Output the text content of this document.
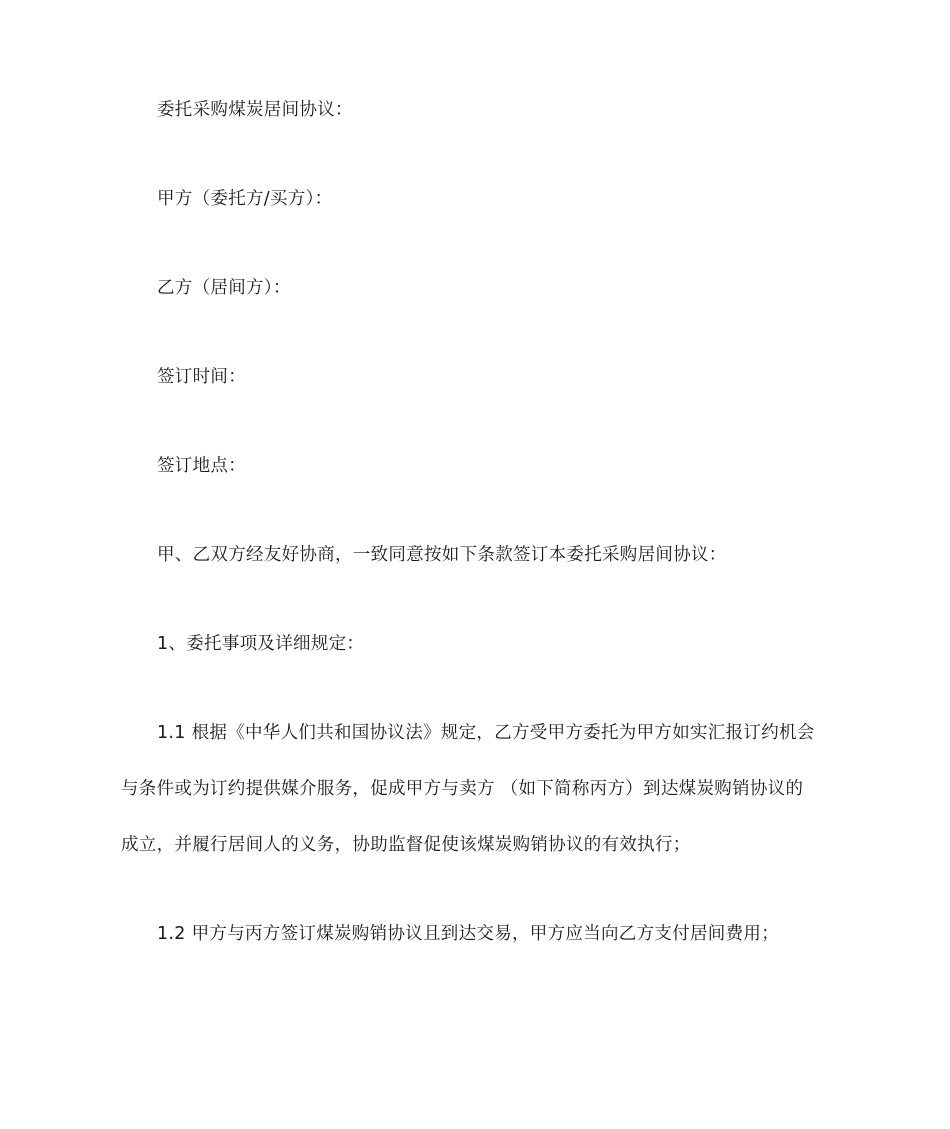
委托采购煤炭居间协议：
甲方（委托方/买方）：
乙方（居间方）：
签订时间：
签订地点：
甲、乙双方经友好协商，一致同意按如下条款签订本委托采购居间协议：
1、委托事项及详细规定：
1.1 根据《中华人们共和国协议法》规定，乙方受甲方委托为甲方如实汇报订约机会
与条件或为订约提供媒介服务，促成甲方与卖方 （如下简称丙方）到达煤炭购销协议的
成立，并履行居间人的义务，协助监督促使该煤炭购销协议的有效执行；
1.2 甲方与丙方签订煤炭购销协议且到达交易，甲方应当向乙方支付居间费用；
